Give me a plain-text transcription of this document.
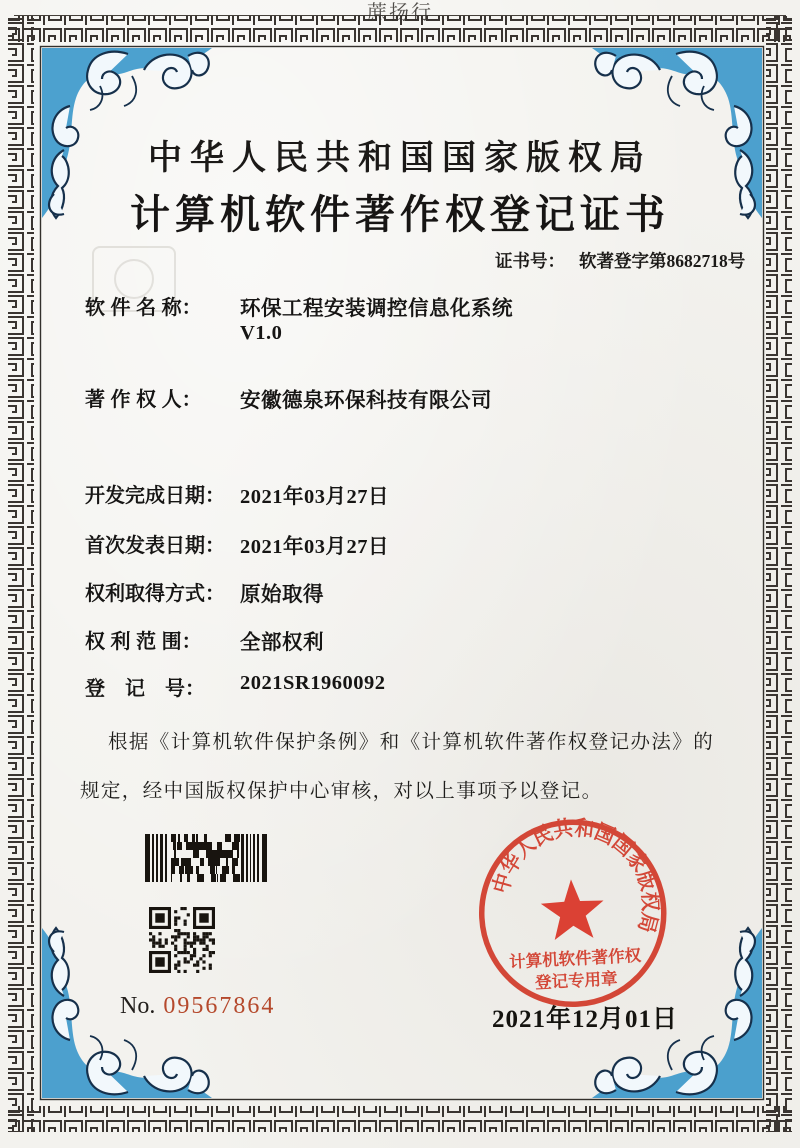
蔗扬行
中华人民共和国国家版权局
计算机软件著作权登记证书
证书号： 软著登字第8682718号
软 件 名 称： 环保工程安装调控信息化系统
V1.0
著 作 权 人： 安徽德泉环保科技有限公司
开发完成日期： 2021年03月27日
首次发表日期： 2021年03月27日
权利取得方式： 原始取得
权 利 范 围： 全部权利
登　记　号： 2021SR1960092
根据《计算机软件保护条例》和《计算机软件著作权登记办法》的规定，经中国版权保护中心审核，对以上事项予以登记。
No. 09567864
中华人民共和国国家版权局
计算机软件著作权
登记专用章
2021年12月01日
